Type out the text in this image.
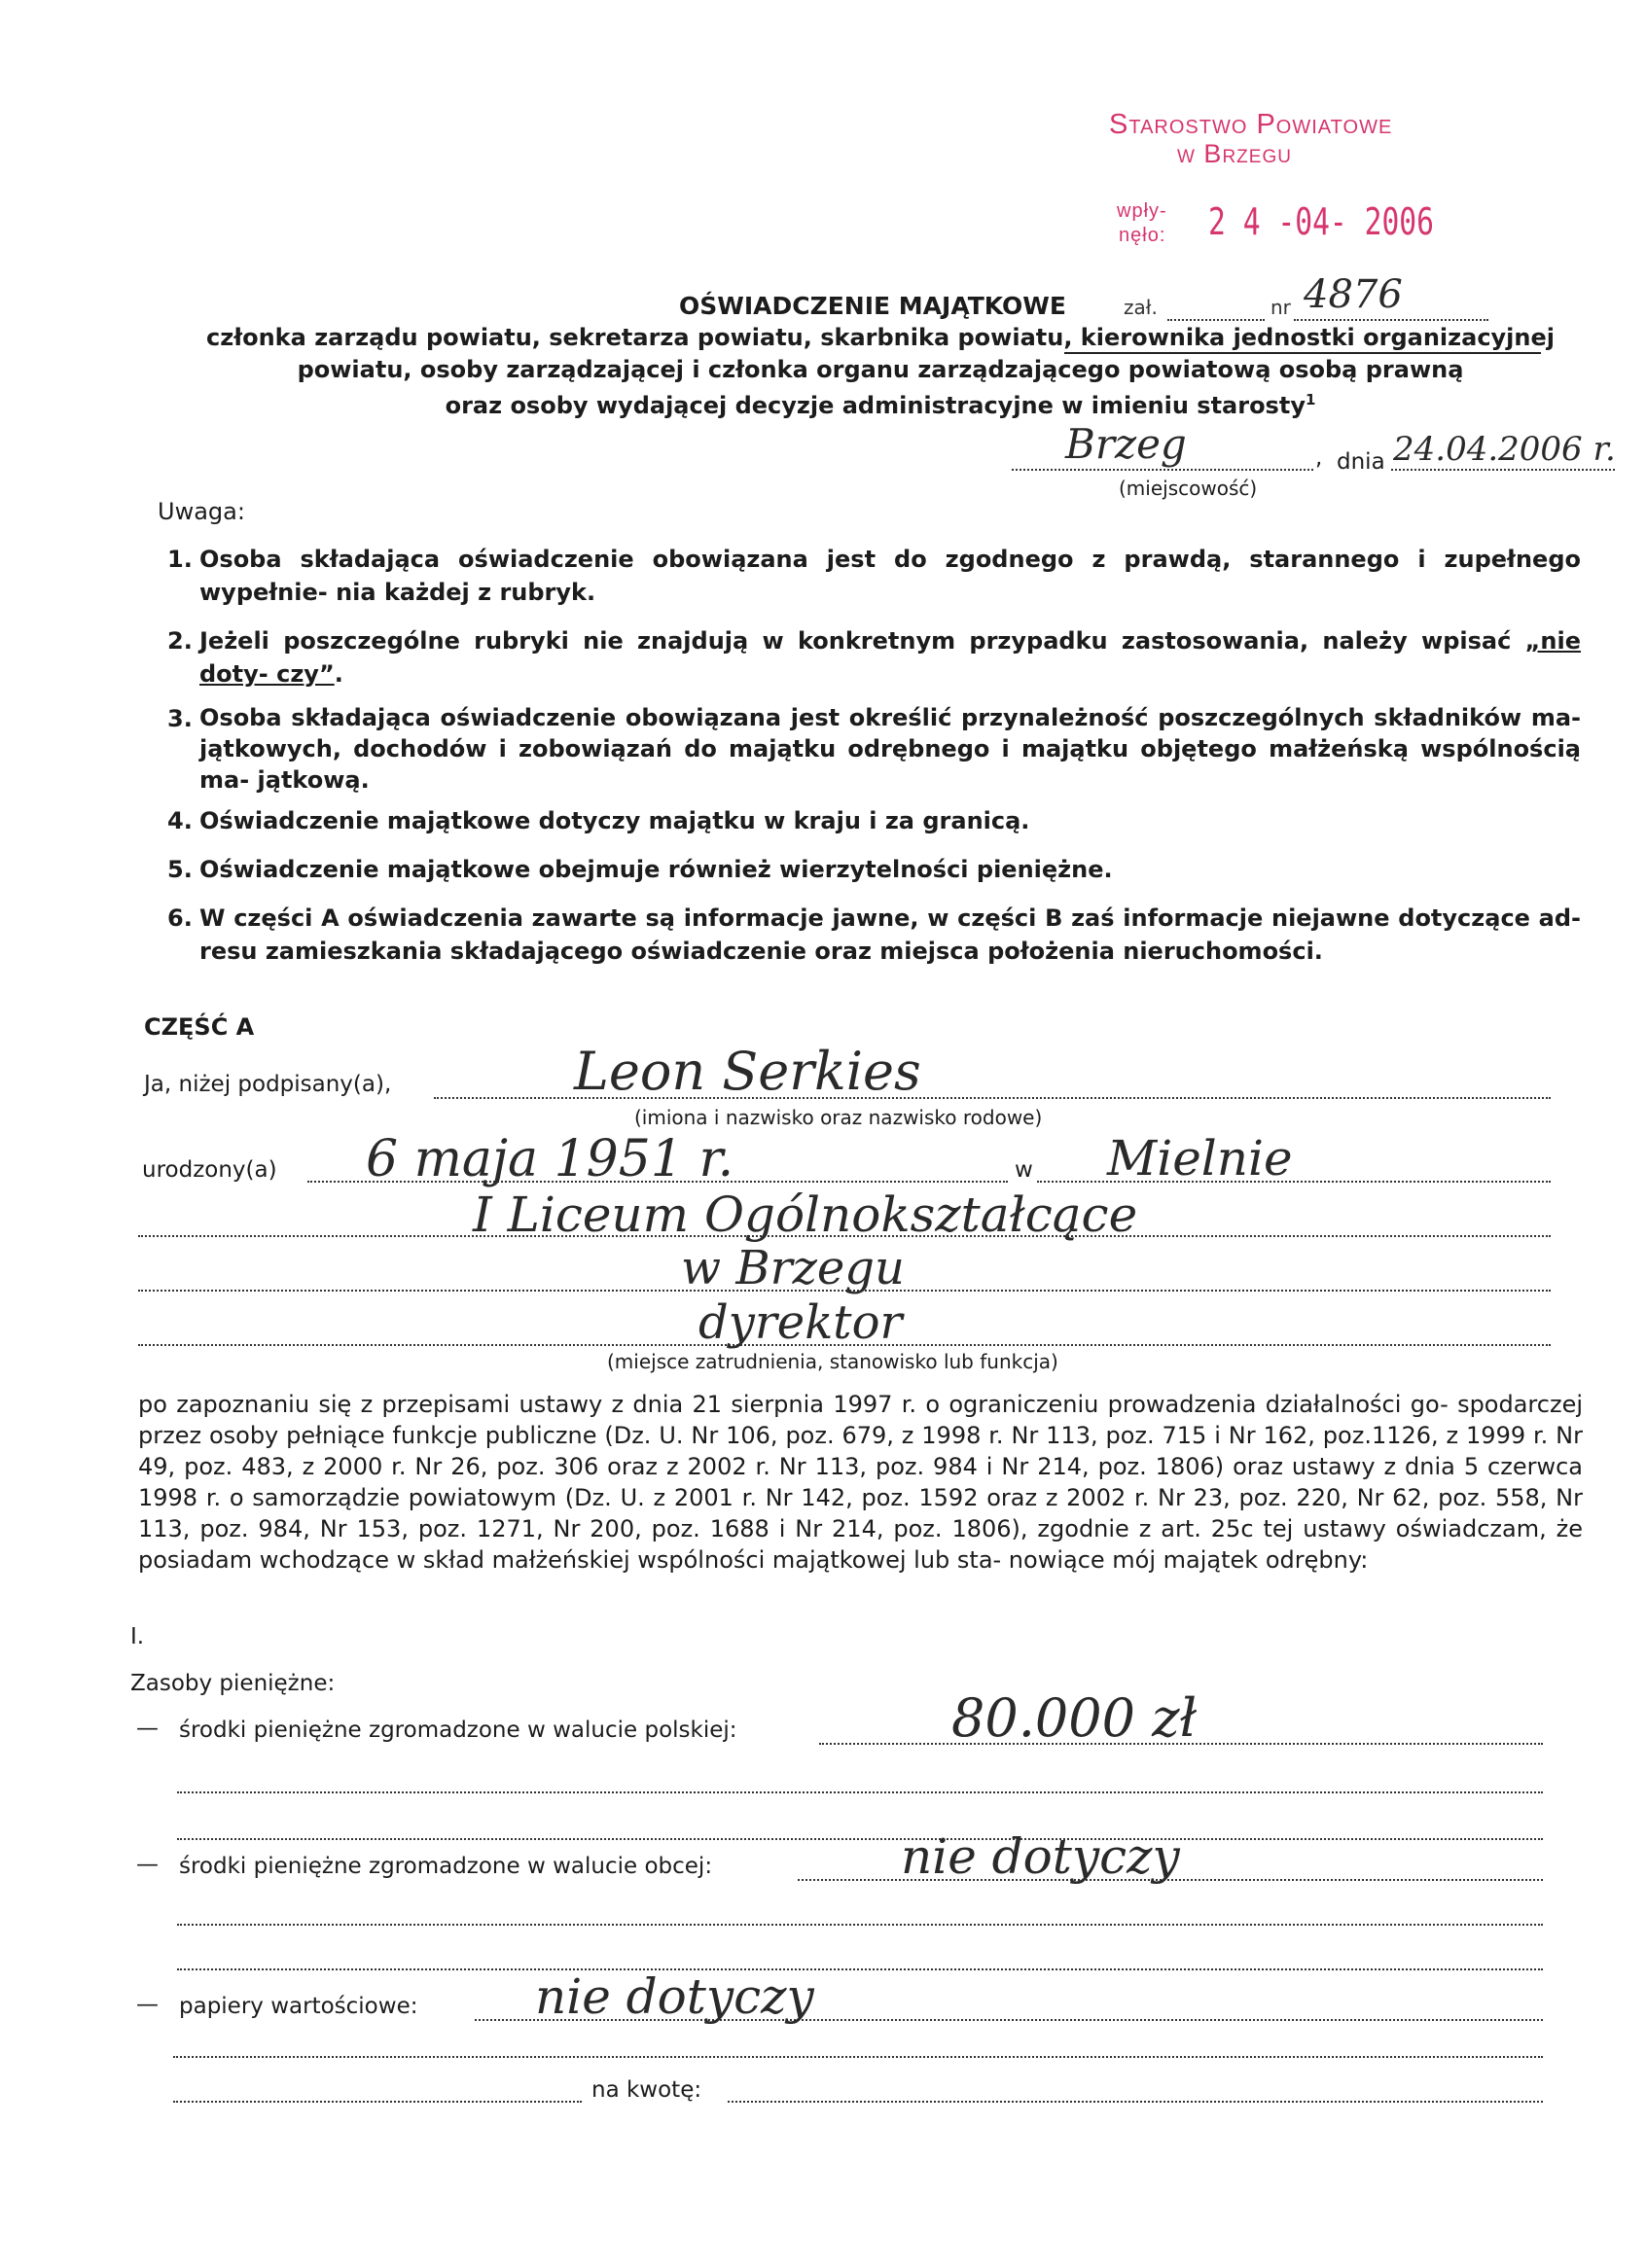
Starostwo Powiatowe
w Brzegu
wpły-
nęło: 2 4 -04- 2006
OŚWIADCZENIE MAJĄTKOWE	zał.	nr 4876
członka zarządu powiatu, sekretarza powiatu, skarbnika powiatu, kierownika jednostki organizacyjnej
powiatu, osoby zarządzającej i członka organu zarządzającego powiatową osobą prawną
oraz osoby wydającej decyzje administracyjne w imieniu starosty$^1$
Brzeg	, dnia 24.04.2006 r.
(miejscowość)
Uwaga:
1. Osoba składająca oświadczenie obowiązana jest do zgodnego z prawdą, starannego i zupełnego wypełnie- nia każdej z rubryk.
2. Jeżeli poszczególne rubryki nie znajdują w konkretnym przypadku zastosowania, należy wpisać „nie doty- czy”.
3. Osoba składająca oświadczenie obowiązana jest określić przynależność poszczególnych składników ma- jątkowych, dochodów i zobowiązań do majątku odrębnego i majątku objętego małżeńską wspólnością ma- jątkową.
4. Oświadczenie majątkowe dotyczy majątku w kraju i za granicą.
5. Oświadczenie majątkowe obejmuje również wierzytelności pieniężne.
6. W części A oświadczenia zawarte są informacje jawne, w części B zaś informacje niejawne dotyczące ad- resu zamieszkania składającego oświadczenie oraz miejsca położenia nieruchomości.
CZĘŚĆ A
Ja, niżej podpisany(a),	Leon Serkies
(imiona i nazwisko oraz nazwisko rodowe)
urodzony(a) 6 maja 1951 r.	w Mielnie
I Liceum Ogólnokształcące
w Brzegu
dyrektor
(miejsce zatrudnienia, stanowisko lub funkcja)
po zapoznaniu się z przepisami ustawy z dnia 21 sierpnia 1997 r. o ograniczeniu prowadzenia działalności go- spodarczej przez osoby pełniące funkcje publiczne (Dz. U. Nr 106, poz. 679, z 1998 r. Nr 113, poz. 715 i Nr 162, poz.1126, z 1999 r. Nr 49, poz. 483, z 2000 r. Nr 26, poz. 306 oraz z 2002 r. Nr 113, poz. 984 i Nr 214, poz. 1806) oraz ustawy z dnia 5 czerwca 1998 r. o samorządzie powiatowym (Dz. U. z 2001 r. Nr 142, poz. 1592 oraz z 2002 r. Nr 23, poz. 220, Nr 62, poz. 558, Nr 113, poz. 984, Nr 153, poz. 1271, Nr 200, poz. 1688 i Nr 214, poz. 1806), zgodnie z art. 25c tej ustawy oświadczam, że posiadam wchodzące w skład małżeńskiej wspólności majątkowej lub sta- nowiące mój majątek odrębny:
I.
Zasoby pieniężne:
— środki pieniężne zgromadzone w walucie polskiej:	80.000 zł
— środki pieniężne zgromadzone w walucie obcej:	nie dotyczy
— papiery wartościowe: nie dotyczy
na kwotę:
